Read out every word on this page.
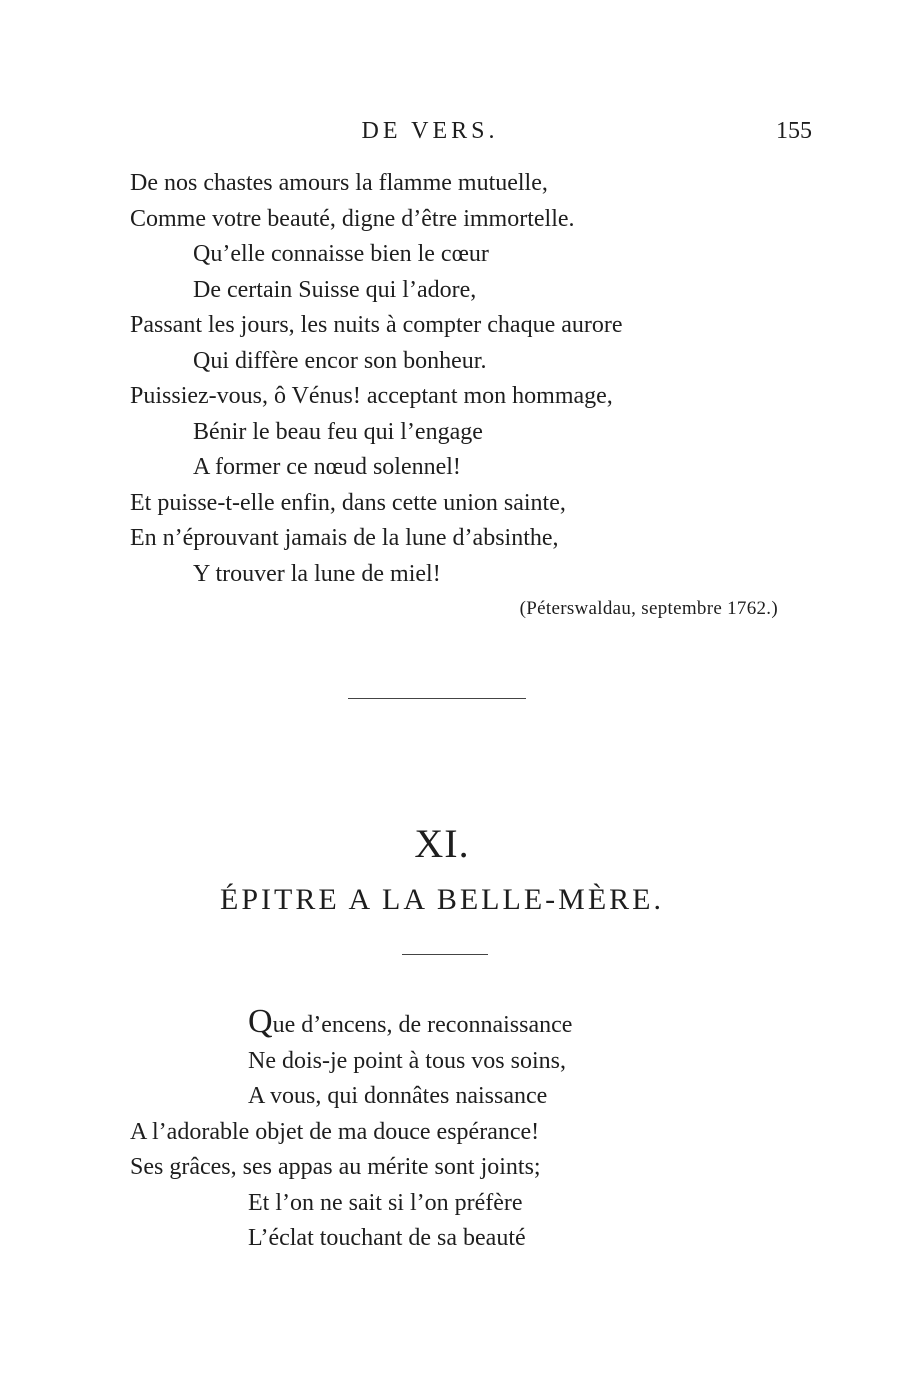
DE VERS.	155
De nos chastes amours la flamme mutuelle,
Comme votre beauté, digne d’être immortelle.
Qu’elle connaisse bien le cœur
De certain Suisse qui l’adore,
Passant les jours, les nuits à compter chaque aurore
Qui diffère encor son bonheur.
Puissiez-vous, ô Vénus! acceptant mon hommage,
Bénir le beau feu qui l’engage
A former ce nœud solennel!
Et puisse-t-elle enfin, dans cette union sainte,
En n’éprouvant jamais de la lune d’absinthe,
Y trouver la lune de miel!
(Péterswaldau, septembre 1762.)
XI.
ÉPITRE A LA BELLE-MÈRE.
Que d’encens, de reconnaissance
Ne dois-je point à tous vos soins,
A vous, qui donnâtes naissance
A l’adorable objet de ma douce espérance!
Ses grâces, ses appas au mérite sont joints;
Et l’on ne sait si l’on préfère
L’éclat touchant de sa beauté
